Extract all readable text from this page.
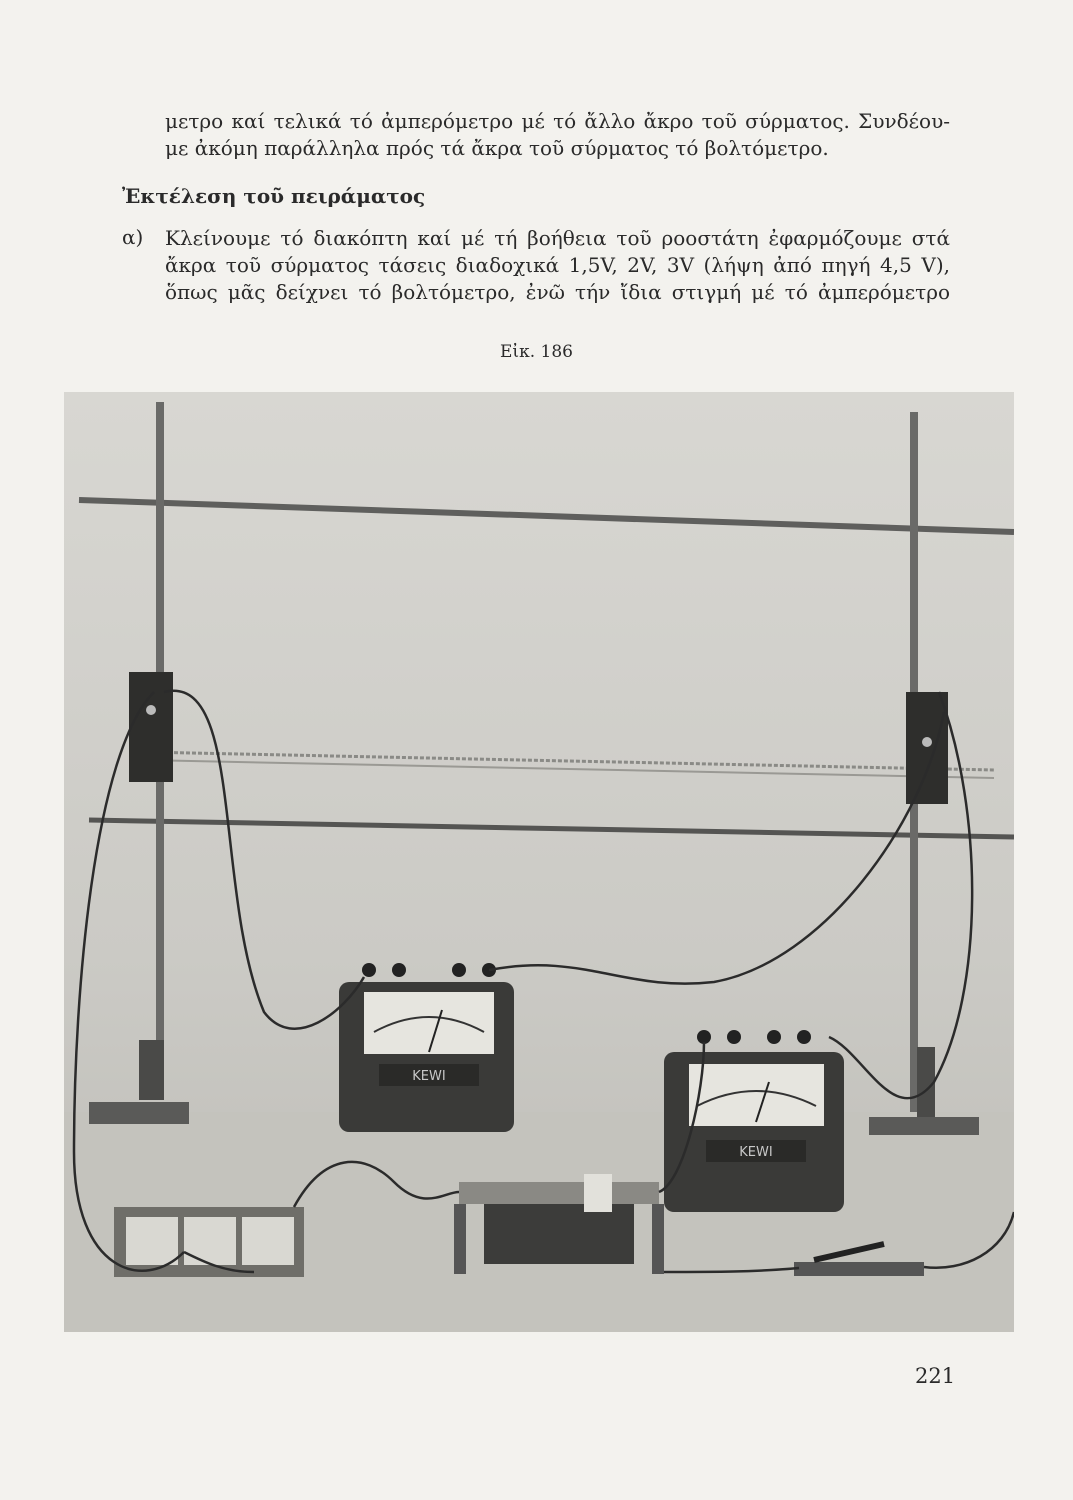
μετρο καί τελικά τό ἀμπερόμετρο μέ τό ἄλλο ἄκρο τοῦ σύρματος. Συνδέου-
με ἀκόμη παράλληλα πρός τά ἄκρα τοῦ σύρματος τό βολτόμετρο.

Ἐκτέλεση τοῦ πειράματος
α) Κλείνουμε τό διακόπτη καί μέ τή βοήθεια τοῦ ροοστάτη ἐφαρμόζουμε στά
ἄκρα τοῦ σύρματος τάσεις διαδοχικά 1,5V, 2V, 3V (λήψη ἀπό πηγή 4,5 V),
ὅπως μᾶς δείχνει τό βολτόμετρο, ἐνῶ τήν ἴδια στιγμή μέ τό ἀμπερόμετρο

Εἰκ. 186
KEWI
KEWI
221
